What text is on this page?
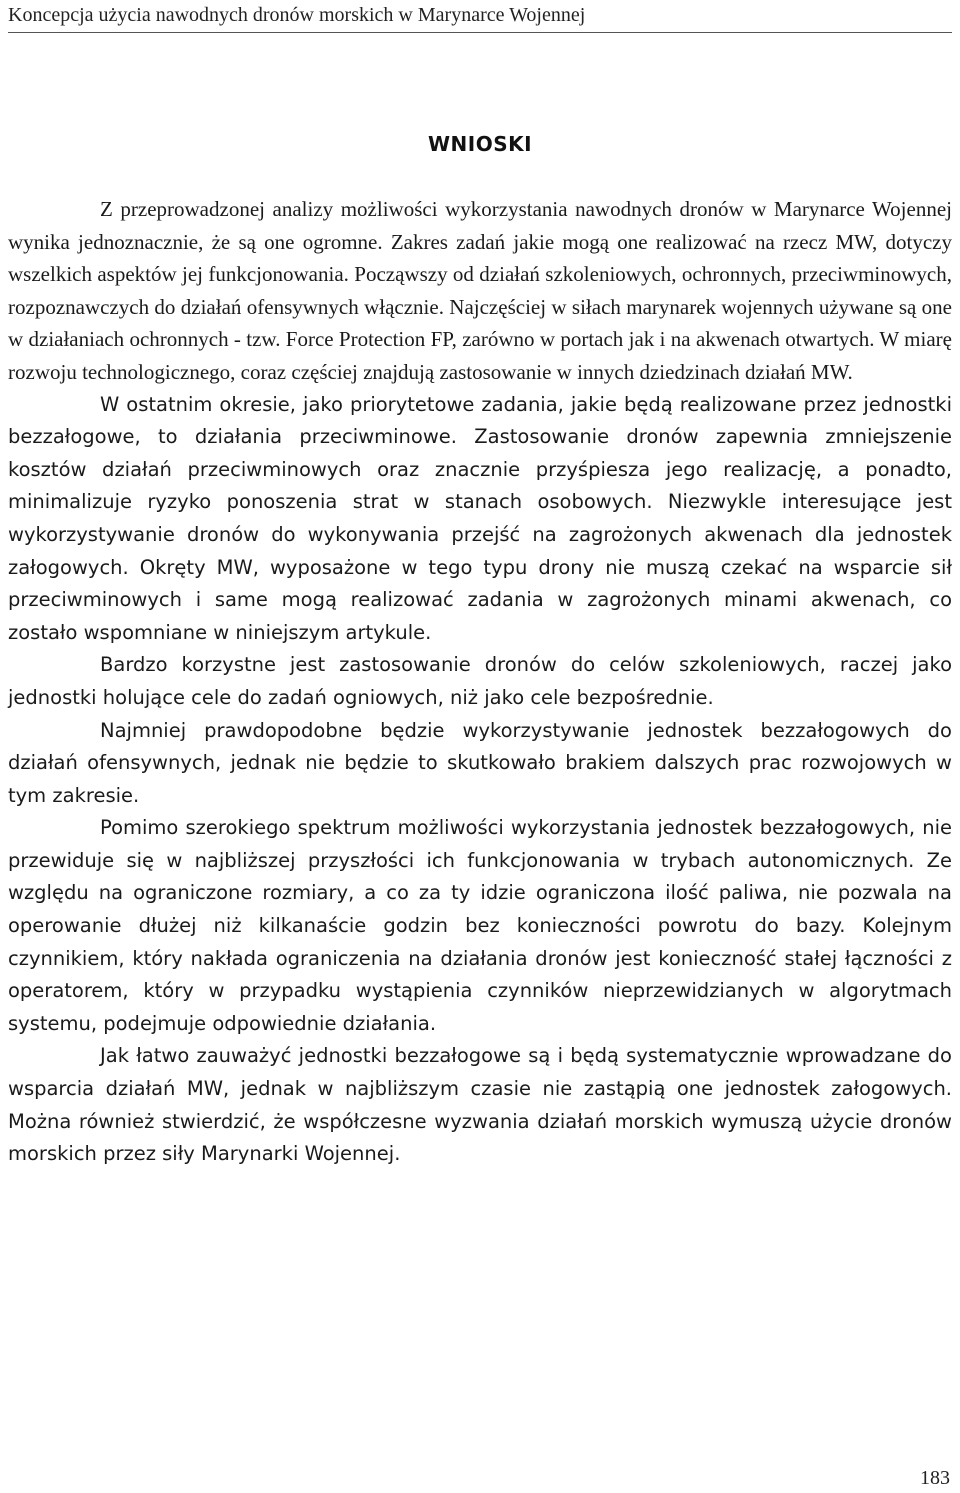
Koncepcja użycia nawodnych dronów morskich w Marynarce Wojennej
WNIOSKI

Z przeprowadzonej analizy możliwości wykorzystania nawodnych dronów w Marynarce Wojennej wynika jednoznacznie, że są one ogromne. Zakres zadań jakie mogą one realizować na rzecz MW, dotyczy wszelkich aspektów jej funkcjonowania. Począwszy od działań szkoleniowych, ochronnych, przeciwminowych, rozpoznawczych do działań ofensywnych włącznie. Najczęściej w siłach marynarek wojennych używane są one w działaniach ochronnych - tzw. Force Protection FP, zarówno w portach jak i na akwenach otwartych. W miarę rozwoju technologicznego, coraz częściej znajdują zastosowanie w innych dziedzinach działań MW.

W ostatnim okresie, jako priorytetowe zadania, jakie będą realizowane przez jednostki bezzałogowe, to działania przeciwminowe. Zastosowanie dronów zapewnia zmniejszenie kosztów działań przeciwminowych oraz znacznie przyśpiesza jego realizację, a ponadto, minimalizuje ryzyko ponoszenia strat w stanach osobowych. Niezwykle interesujące jest wykorzystywanie dronów do wykonywania przejść na zagrożonych akwenach dla jednostek załogowych. Okręty MW, wyposażone w tego typu drony nie muszą czekać na wsparcie sił przeciwminowych i same mogą realizować zadania w zagrożonych minami akwenach, co zostało wspomniane w niniejszym artykule.

Bardzo korzystne jest zastosowanie dronów do celów szkoleniowych, raczej jako jednostki holujące cele do zadań ogniowych, niż jako cele bezpośrednie.

Najmniej prawdopodobne będzie wykorzystywanie jednostek bezzałogowych do działań ofensywnych, jednak nie będzie to skutkowało brakiem dalszych prac rozwojowych w tym zakresie.

Pomimo szerokiego spektrum możliwości wykorzystania jednostek bezzałogowych, nie przewiduje się w najbliższej przyszłości ich funkcjonowania w trybach autonomicznych. Ze względu na ograniczone rozmiary, a co za ty idzie ograniczona ilość paliwa, nie pozwala na operowanie dłużej niż kilkanaście godzin bez konieczności powrotu do bazy. Kolejnym czynnikiem, który nakłada ograniczenia na działania dronów jest konieczność stałej łączności z operatorem, który w przypadku wystąpienia czynników nieprzewidzianych w algorytmach systemu, podejmuje odpowiednie działania.

Jak łatwo zauważyć jednostki bezzałogowe są i będą systematycznie wprowadzane do wsparcia działań MW, jednak w najbliższym czasie nie zastąpią one jednostek załogowych. Można również stwierdzić, że współczesne wyzwania działań morskich wymuszą użycie dronów morskich przez siły Marynarki Wojennej.

183
